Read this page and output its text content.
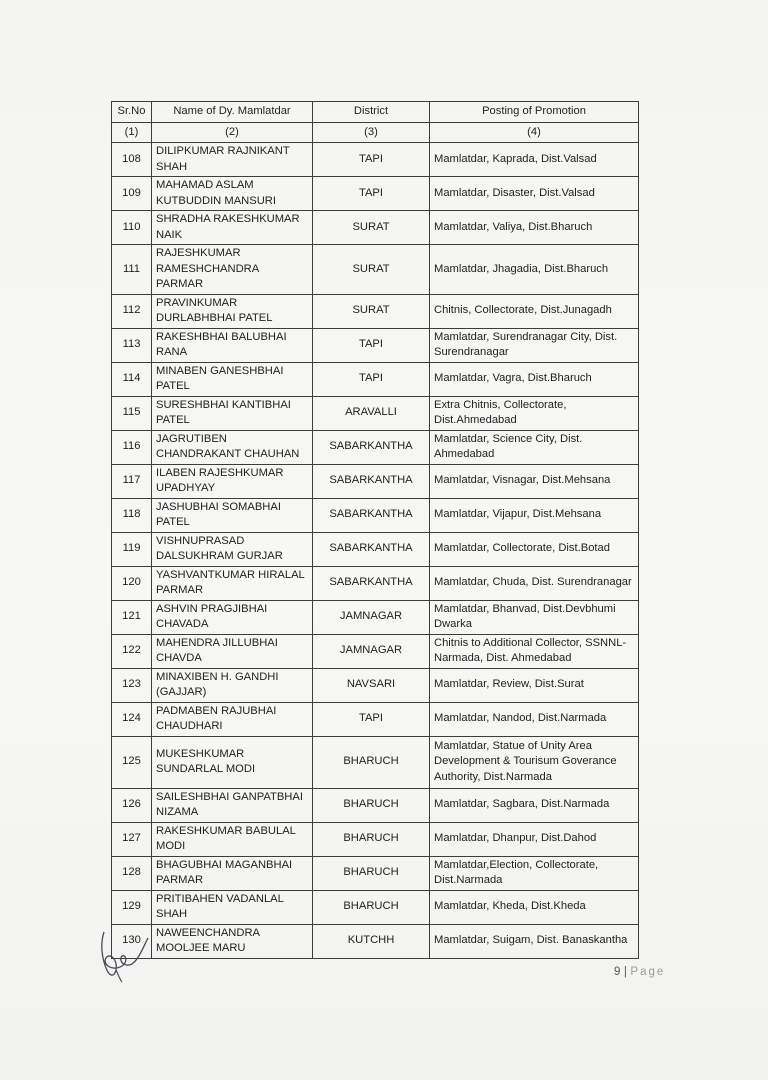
Sr.No	Name of Dy. Mamlatdar	District	Posting of Promotion
(1)	(2)	(3)	(4)
108	DILIPKUMAR RAJNIKANT SHAH	TAPI	Mamlatdar, Kaprada, Dist.Valsad
109	MAHAMAD ASLAM KUTBUDDIN MANSURI	TAPI	Mamlatdar, Disaster, Dist.Valsad
110	SHRADHA RAKESHKUMAR NAIK	SURAT	Mamlatdar, Valiya, Dist.Bharuch
111	RAJESHKUMAR RAMESHCHANDRA PARMAR	SURAT	Mamlatdar, Jhagadia, Dist.Bharuch
112	PRAVINKUMAR DURLABHBHAI PATEL	SURAT	Chitnis, Collectorate, Dist.Junagadh
113	RAKESHBHAI BALUBHAI RANA	TAPI	Mamlatdar, Surendranagar City, Dist. Surendranagar
114	MINABEN GANESHBHAI PATEL	TAPI	Mamlatdar, Vagra, Dist.Bharuch
115	SURESHBHAI KANTIBHAI PATEL	ARAVALLI	Extra Chitnis, Collectorate, Dist.Ahmedabad
116	JAGRUTIBEN CHANDRAKANT CHAUHAN	SABARKANTHA	Mamlatdar, Science City, Dist. Ahmedabad
117	ILABEN RAJESHKUMAR UPADHYAY	SABARKANTHA	Mamlatdar, Visnagar, Dist.Mehsana
118	JASHUBHAI SOMABHAI PATEL	SABARKANTHA	Mamlatdar, Vijapur, Dist.Mehsana
119	VISHNUPRASAD DALSUKHRAM GURJAR	SABARKANTHA	Mamlatdar, Collectorate, Dist.Botad
120	YASHVANTKUMAR HIRALAL PARMAR	SABARKANTHA	Mamlatdar, Chuda, Dist. Surendranagar
121	ASHVIN PRAGJIBHAI CHAVADA	JAMNAGAR	Mamlatdar, Bhanvad, Dist.Devbhumi Dwarka
122	MAHENDRA JILLUBHAI CHAVDA	JAMNAGAR	Chitnis to Additional Collector, SSNNL-Narmada, Dist. Ahmedabad
123	MINAXIBEN H. GANDHI (GAJJAR)	NAVSARI	Mamlatdar, Review, Dist.Surat
124	PADMABEN RAJUBHAI CHAUDHARI	TAPI	Mamlatdar, Nandod, Dist.Narmada
125	MUKESHKUMAR SUNDARLAL MODI	BHARUCH	Mamlatdar, Statue of Unity Area Development & Tourisum Goverance Authority, Dist.Narmada
126	SAILESHBHAI GANPATBHAI NIZAMA	BHARUCH	Mamlatdar, Sagbara, Dist.Narmada
127	RAKESHKUMAR BABULAL MODI	BHARUCH	Mamlatdar, Dhanpur, Dist.Dahod
128	BHAGUBHAI MAGANBHAI PARMAR	BHARUCH	Mamlatdar,Election, Collectorate, Dist.Narmada
129	PRITIBAHEN VADANLAL SHAH	BHARUCH	Mamlatdar, Kheda, Dist.Kheda
130	NAWEENCHANDRA MOOLJEE MARU	KUTCHH	Mamlatdar, Suigam, Dist. Banaskantha
9 | Page
